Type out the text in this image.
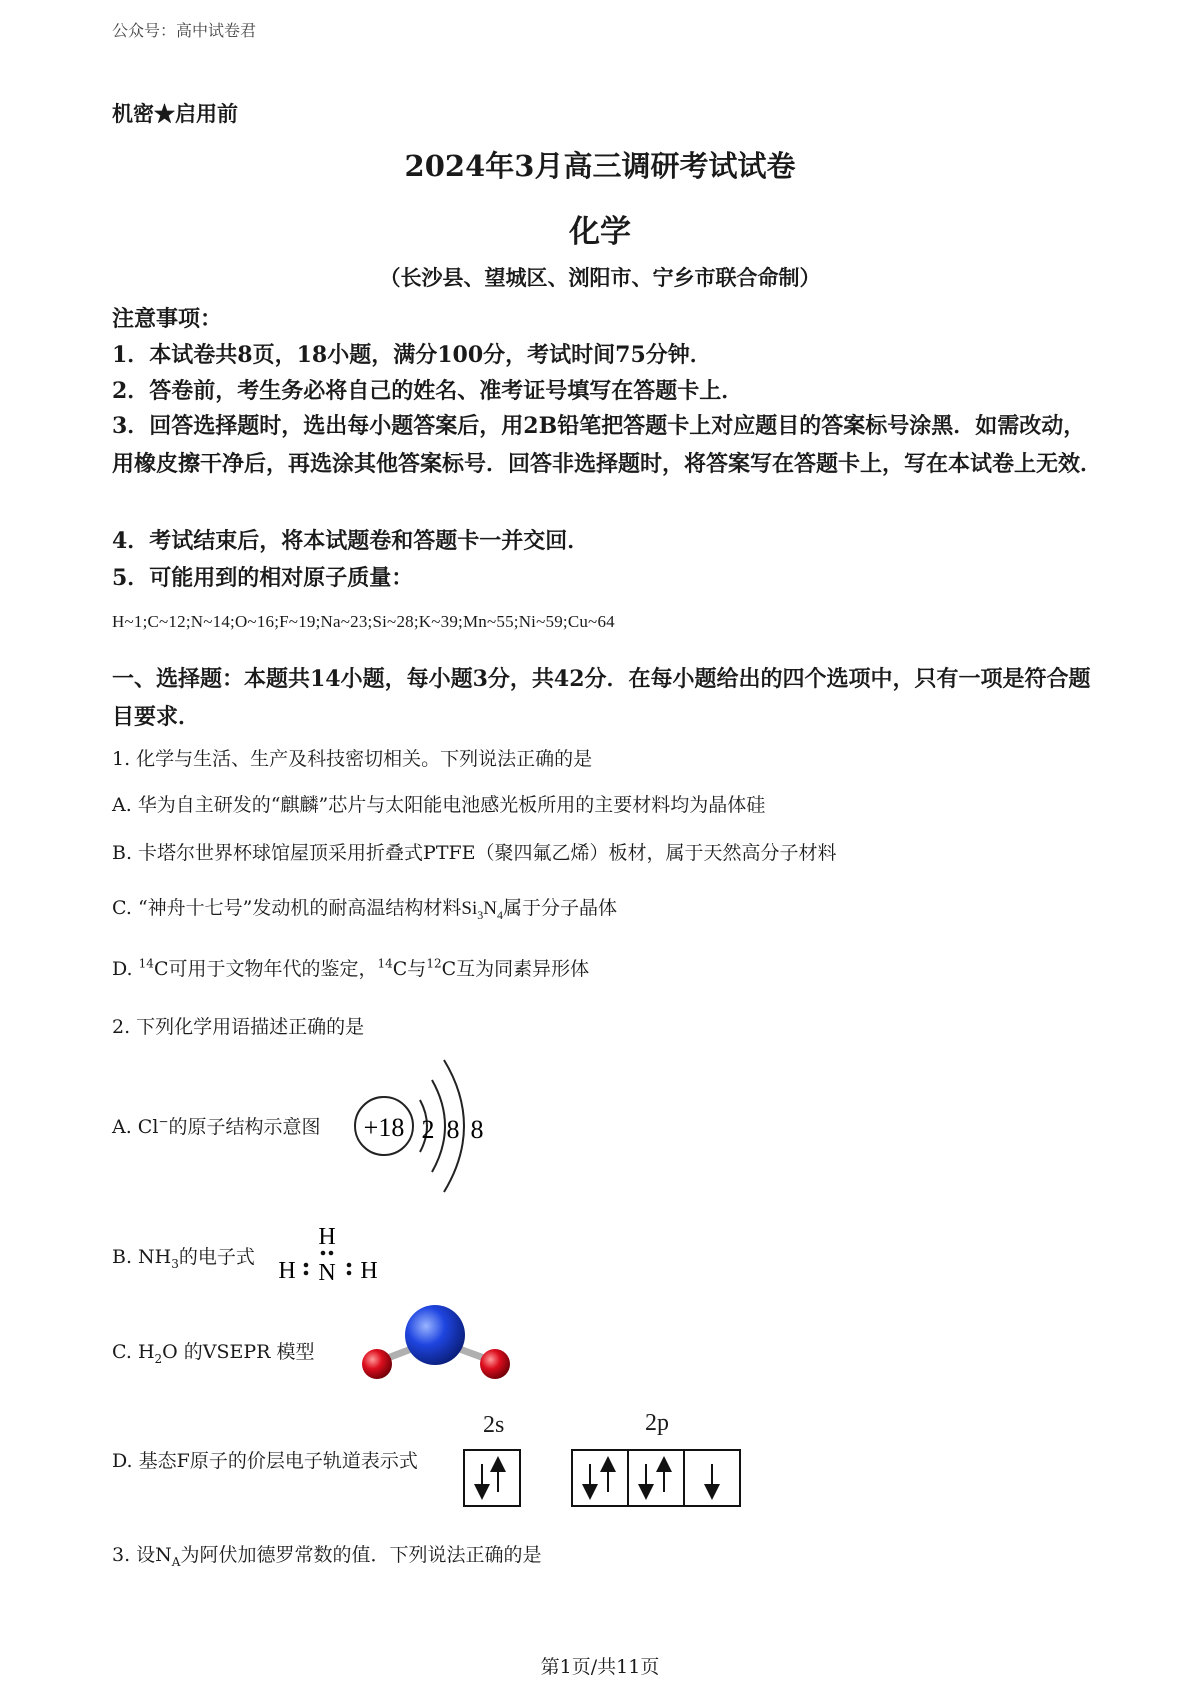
公众号：高中试卷君
机密★启用前
2024年3月高三调研考试试卷
化学
（长沙县、望城区、浏阳市、宁乡市联合命制）
注意事项：
1．本试卷共8页，18小题，满分100分，考试时间75分钟．
2．答卷前，考生务必将自己的姓名、准考证号填写在答题卡上．
3．回答选择题时，选出每小题答案后，用2B铅笔把答题卡上对应题目的答案标号涂黑．如需改动，用橡皮擦干净后，再选涂其他答案标号．回答非选择题时，将答案写在答题卡上，写在本试卷上无效．
4．考试结束后，将本试题卷和答题卡一并交回．
5．可能用到的相对原子质量：
H~1;C~12;N~14;O~16;F~19;Na~23;Si~28;K~39;Mn~55;Ni~59;Cu~64
一、选择题：本题共14小题，每小题3分，共42分．在每小题给出的四个选项中，只有一项是符合题目要求．
1. 化学与生活、生产及科技密切相关。下列说法正确的是
A. 华为自主研发的“麒麟”芯片与太阳能电池感光板所用的主要材料均为晶体硅
B. 卡塔尔世界杯球馆屋顶采用折叠式PTFE（聚四氟乙烯）板材，属于天然高分子材料
C. “神舟十七号”发动机的耐高温结构材料$Si_3N_4$属于分子晶体
D. $^{14}$C可用于文物年代的鉴定，$^{14}$C与$^{12}$C互为同素异形体
2. 下列化学用语描述正确的是
A. Cl−的原子结构示意图 +18 2 8 8
B. $NH_3$的电子式
H
H N H
C. $H_2O$ 的VSEPR 模型
D. 基态F原子的价层电子轨道表示式
2s	2p
3. 设$N_A$为阿伏加德罗常数的值．下列说法正确的是
第1页/共11页
